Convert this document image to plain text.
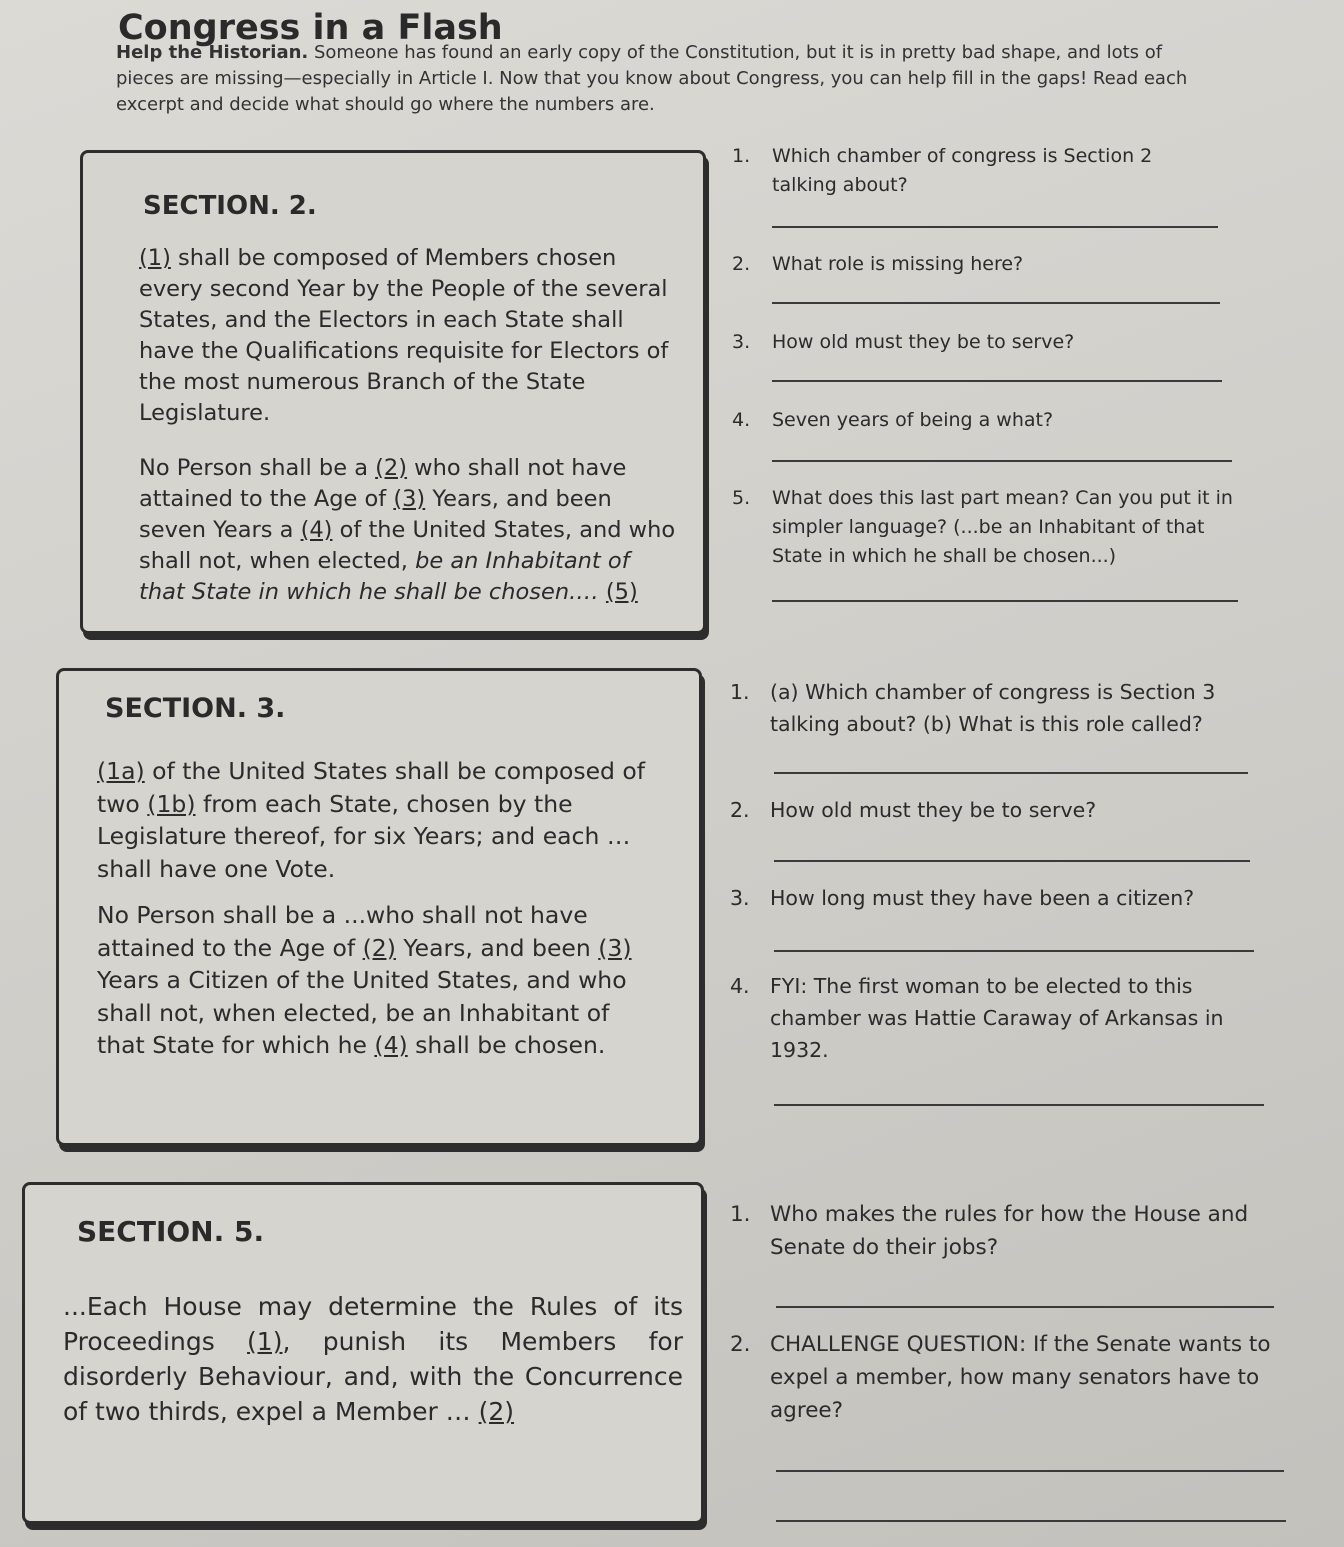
Congress in a Flash
Help the Historian. Someone has found an early copy of the Constitution, but it is in pretty bad shape, and lots of pieces are missing—especially in Article I. Now that you know about Congress, you can help fill in the gaps! Read each excerpt and decide what should go where the numbers are.
SECTION. 2.

(1) shall be composed of Members chosen every second Year by the People of the several States, and the Electors in each State shall have the Qualifications requisite for Electors of the most numerous Branch of the State Legislature.

No Person shall be a (2) who shall not have attained to the Age of (3) Years, and been seven Years a (4) of the United States, and who shall not, when elected, be an Inhabitant of that State in which he shall be chosen.… (5)

1. Which chamber of congress is Section 2 talking about?
2. What role is missing here?
3. How old must they be to serve?
4. Seven years of being a what?
5. What does this last part mean? Can you put it in simpler language? (...be an Inhabitant of that State in which he shall be chosen...)
SECTION. 3.

(1a) of the United States shall be composed of two (1b) from each State, chosen by the Legislature thereof, for six Years; and each … shall have one Vote.

No Person shall be a ...who shall not have attained to the Age of (2) Years, and been (3) Years a Citizen of the United States, and who shall not, when elected, be an Inhabitant of that State for which he (4) shall be chosen.

1. (a) Which chamber of congress is Section 3 talking about? (b) What is this role called?
2. How old must they be to serve?
3. How long must they have been a citizen?
4. FYI: The first woman to be elected to this chamber was Hattie Caraway of Arkansas in 1932.
SECTION. 5.

...Each House may determine the Rules of its Proceedings (1), punish its Members for disorderly Behaviour, and, with the Concurrence of two thirds, expel a Member … (2)

1. Who makes the rules for how the House and Senate do their jobs?
2. CHALLENGE QUESTION: If the Senate wants to expel a member, how many senators have to agree?
